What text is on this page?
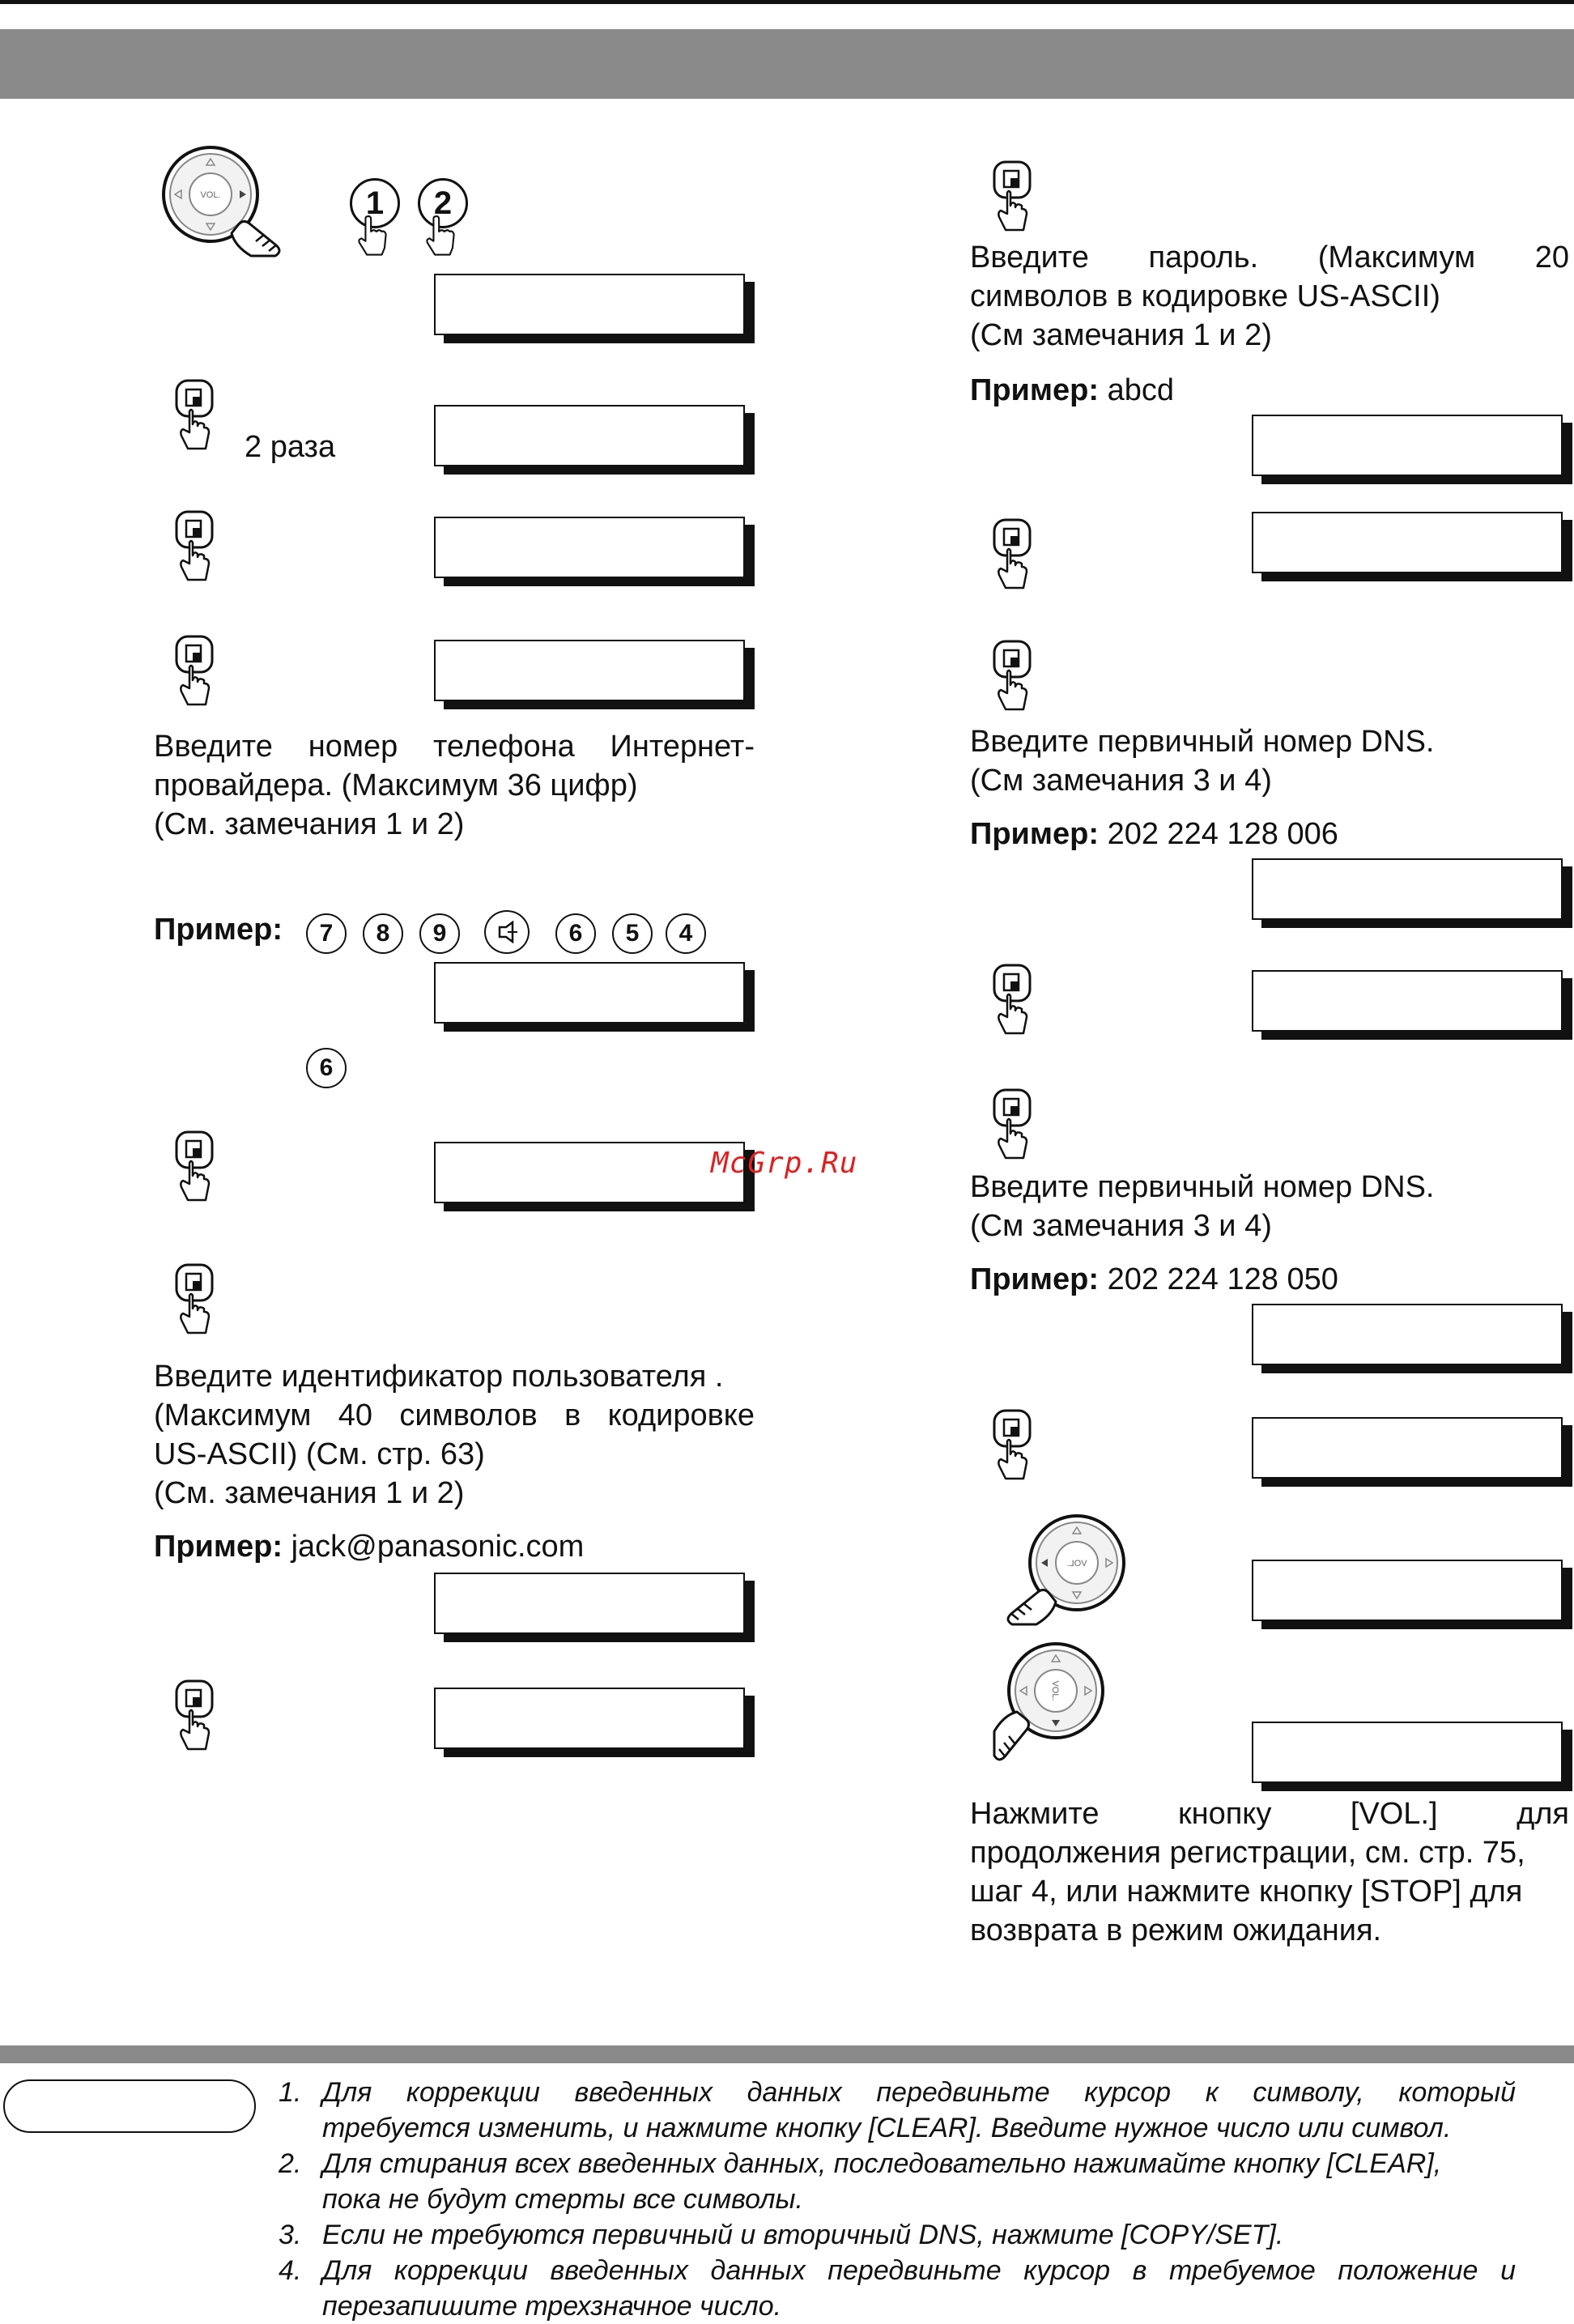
1	2
2 раза
Введите номер телефона Интернет-
провайдера. (Максимум 36 цифр)
(См. замечания 1 и 2)
Пример:	7	8	9	6	5	4
6
McGrp.Ru
Введите идентификатор пользователя .
(Максимум 40 символов в кодировке
US-ASCII) (См. стр. 63)
(См. замечания 1 и 2)
Пример: jack@panasonic.com
Введите пароль. (Максимум 20
символов в кодировке US-ASCII)
(См замечания 1 и 2)
Пример: abcd
Введите первичный номер DNS.
(См замечания 3 и 4)
Пример: 202 224 128 006
Введите первичный номер DNS.
(См замечания 3 и 4)
Пример: 202 224 128 050
Нажмите	кнопку	[VOL.]	для
продолжения регистрации, см. стр. 75,
шаг 4, или нажмите кнопку [STOP] для
возврата в режим ожидания.
1. Для коррекции введенных данных передвиньте курсор к символу, который
требуется изменить, и нажмите кнопку [CLEAR]. Введите нужное число или символ.
2. Для стирания всех введенных данных, последовательно нажимайте кнопку [CLEAR],
пока не будут стерты все символы.
3. Если не требуются первичный и вторичный DNS, нажмите [COPY/SET].
4. Для коррекции введенных данных передвиньте курсор в требуемое положение и
перезапишите трехзначное число.
